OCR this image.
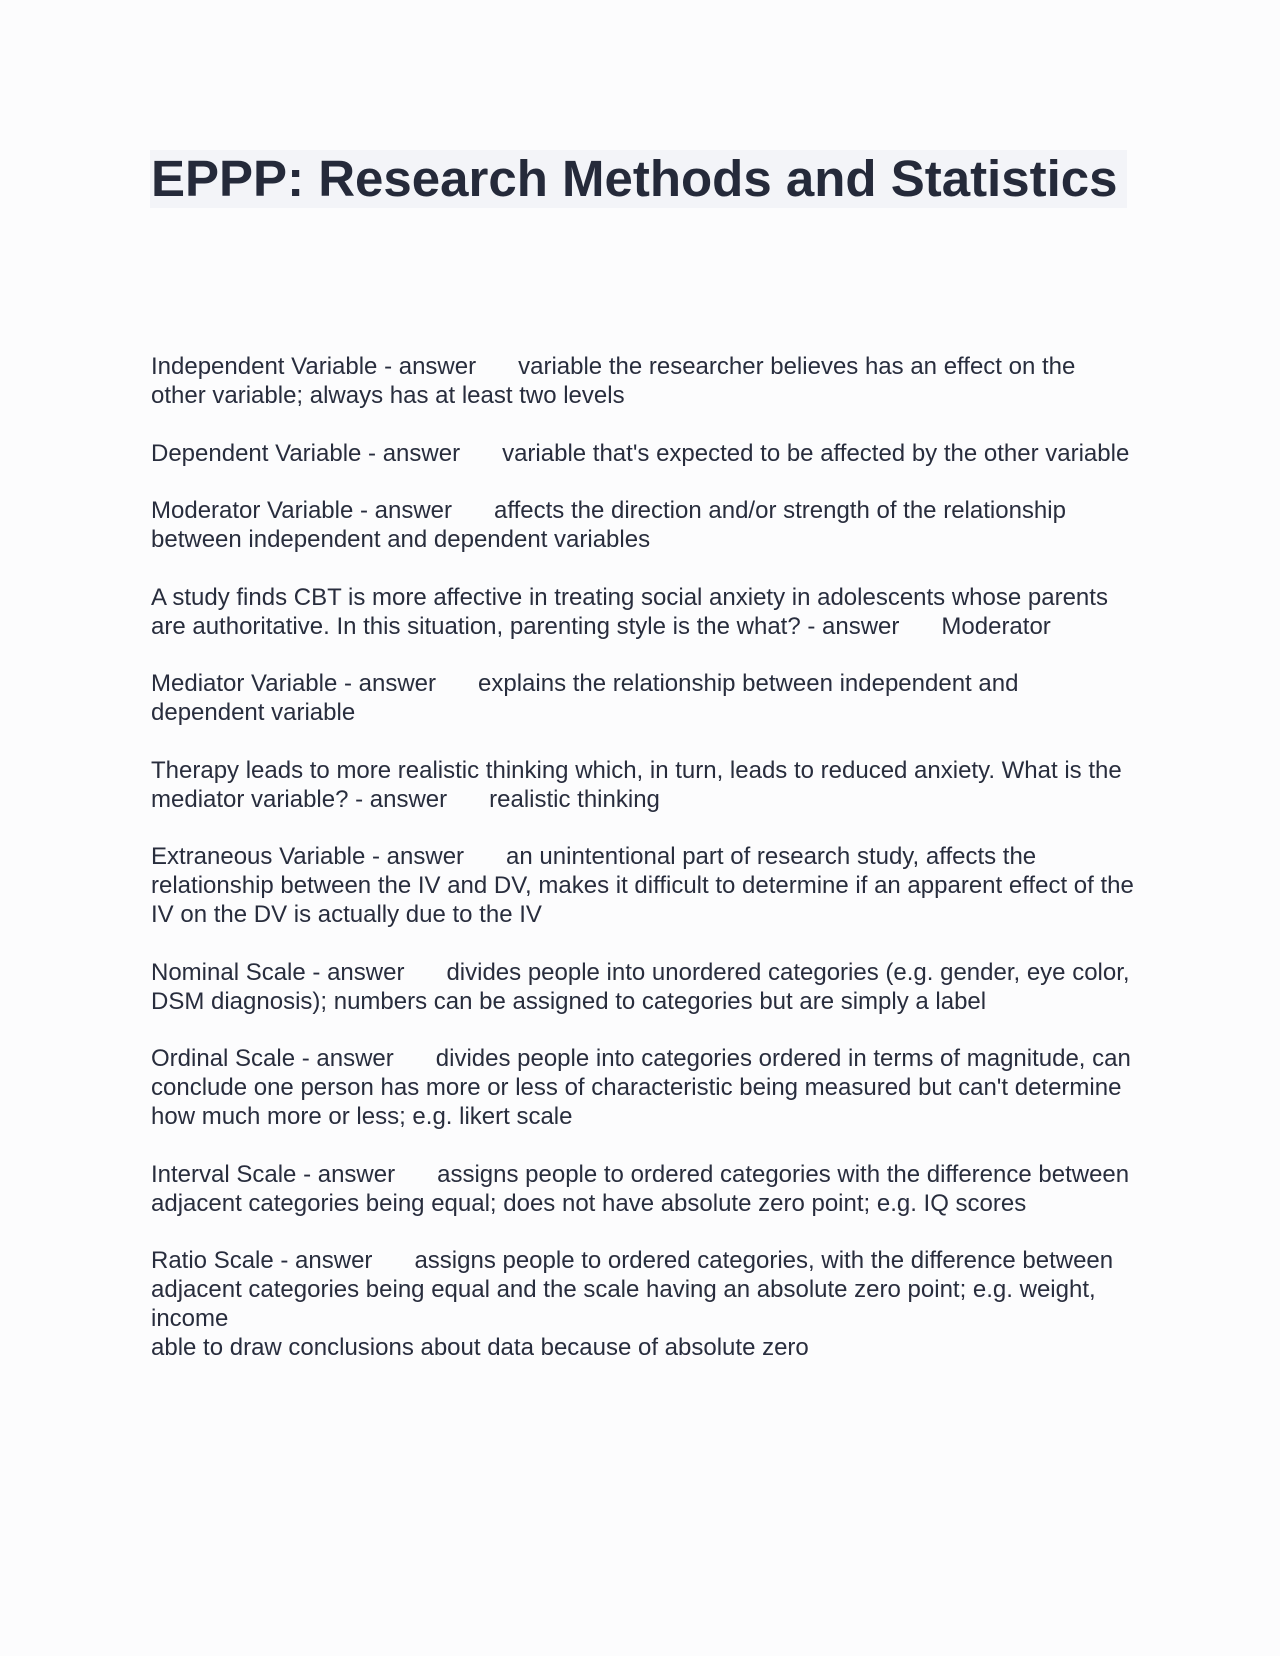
EPPP: Research Methods and Statistics
Independent Variable - answer variable the researcher believes has an effect on the other variable; always has at least two levels
Dependent Variable - answer variable that's expected to be affected by the other variable
Moderator Variable - answer affects the direction and/or strength of the relationship between independent and dependent variables
A study finds CBT is more affective in treating social anxiety in adolescents whose parents are authoritative. In this situation, parenting style is the what? - answer Moderator
Mediator Variable - answer explains the relationship between independent and dependent variable
Therapy leads to more realistic thinking which, in turn, leads to reduced anxiety. What is the mediator variable? - answer realistic thinking
Extraneous Variable - answer an unintentional part of research study, affects the relationship between the IV and DV, makes it difficult to determine if an apparent effect of the IV on the DV is actually due to the IV
Nominal Scale - answer divides people into unordered categories (e.g. gender, eye color, DSM diagnosis); numbers can be assigned to categories but are simply a label
Ordinal Scale - answer divides people into categories ordered in terms of magnitude, can conclude one person has more or less of characteristic being measured but can't determine how much more or less; e.g. likert scale
Interval Scale - answer assigns people to ordered categories with the difference between adjacent categories being equal; does not have absolute zero point; e.g. IQ scores
Ratio Scale - answer assigns people to ordered categories, with the difference between adjacent categories being equal and the scale having an absolute zero point; e.g. weight, income
able to draw conclusions about data because of absolute zero
